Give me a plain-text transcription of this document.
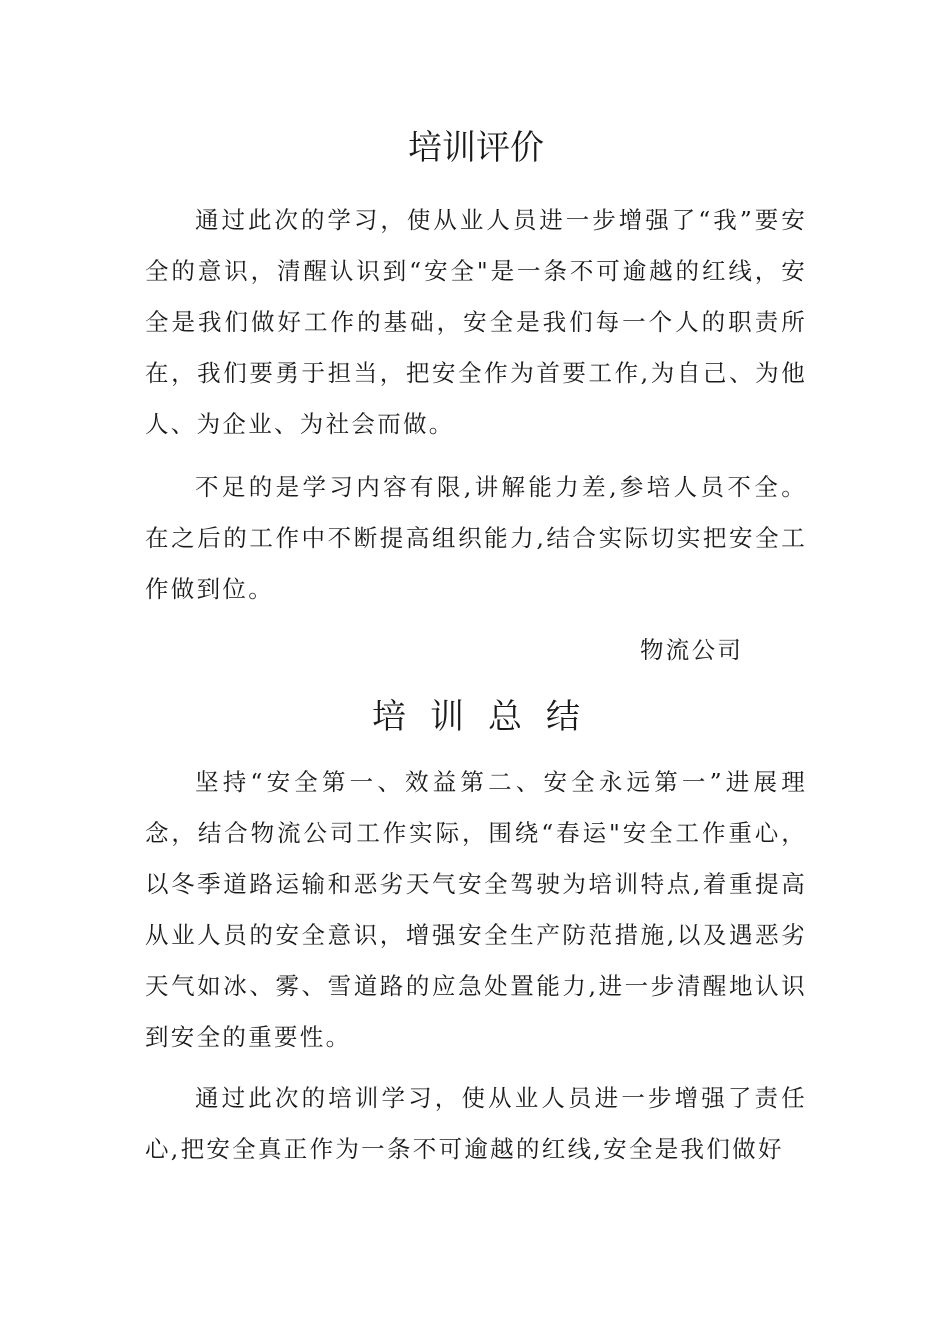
培训评价

通过此次的学习，使从业人员进一步增强了“我”要安全的意识，清醒认识到“安全"是一条不可逾越的红线，安全是我们做好工作的基础，安全是我们每一个人的职责所在，我们要勇于担当，把安全作为首要工作,为自己、为他人、为企业、为社会而做。

不足的是学习内容有限,讲解能力差,参培人员不全。在之后的工作中不断提高组织能力,结合实际切实把安全工作做到位。

物流公司

培训总结

坚持“安全第一、效益第二、安全永远第一”进展理念，结合物流公司工作实际，围绕“春运"安全工作重心，以冬季道路运输和恶劣天气安全驾驶为培训特点,着重提高从业人员的安全意识，增强安全生产防范措施,以及遇恶劣天气如冰、雾、雪道路的应急处置能力,进一步清醒地认识到安全的重要性。

通过此次的培训学习，使从业人员进一步增强了责任心,把安全真正作为一条不可逾越的红线,安全是我们做好
